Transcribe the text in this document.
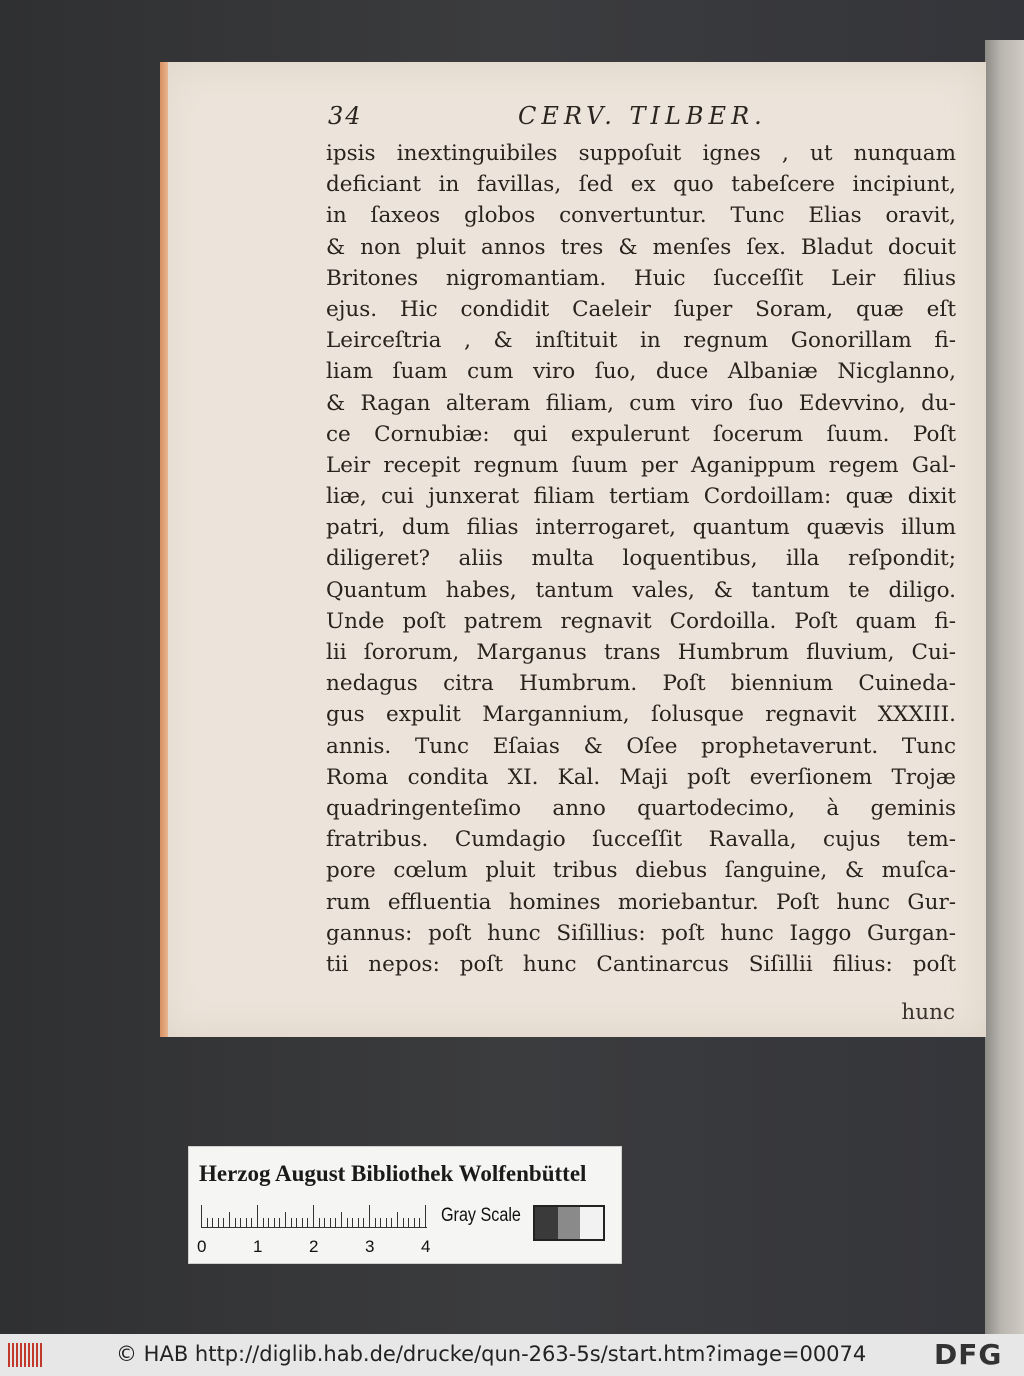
34	CERV. TILBER.
ipsis inextinguibiles suppoſuit ignes , ut nunquam
deficiant in favillas, ſed ex quo tabeſcere incipiunt,
in ſaxeos globos convertuntur. Tunc Elias oravit,
& non pluit annos tres & menſes ſex. Bladut docuit
Britones nigromantiam. Huic ſucceſſit Leir filius
ejus. Hic condidit Caeleir ſuper Soram, quæ eſt
Leirceſtria , & inſtituit in regnum Gonorillam fi-
liam ſuam cum viro ſuo, duce Albaniæ Nicglanno,
& Ragan alteram filiam, cum viro ſuo Edevvino, du-
ce Cornubiæ: qui expulerunt ſocerum ſuum. Poſt
Leir recepit regnum ſuum per Aganippum regem Gal-
liæ, cui junxerat filiam tertiam Cordoillam: quæ dixit
patri, dum filias interrogaret, quantum quævis illum
diligeret? aliis multa loquentibus, illa reſpondit;
Quantum habes, tantum vales, & tantum te diligo.
Unde poſt patrem regnavit Cordoilla. Poſt quam fi-
lii ſororum, Marganus trans Humbrum fluvium, Cui-
nedagus citra Humbrum. Poſt biennium Cuineda-
gus expulit Margannium, ſolusque regnavit XXXIII.
annis. Tunc Eſaias & Oſee prophetaverunt. Tunc
Roma condita XI. Kal. Maji poſt everſionem Trojæ
quadringenteſimo anno quartodecimo, à geminis
fratribus. Cumdagio ſucceſſit Ravalla, cujus tem-
pore cœlum pluit tribus diebus ſanguine, & muſca-
rum effluentia homines moriebantur. Poſt hunc Gur-
gannus: poſt hunc Siſillius: poſt hunc Iaggo Gurgan-
tii nepos: poſt hunc Cantinarcus Siſillii filius: poſt
hunc
Herzog August Bibliothek Wolfenbüttel
0	1	2	3	4
Gray Scale
© HAB http://diglib.hab.de/drucke/qun-263-5s/start.htm?image=00074 DFG
